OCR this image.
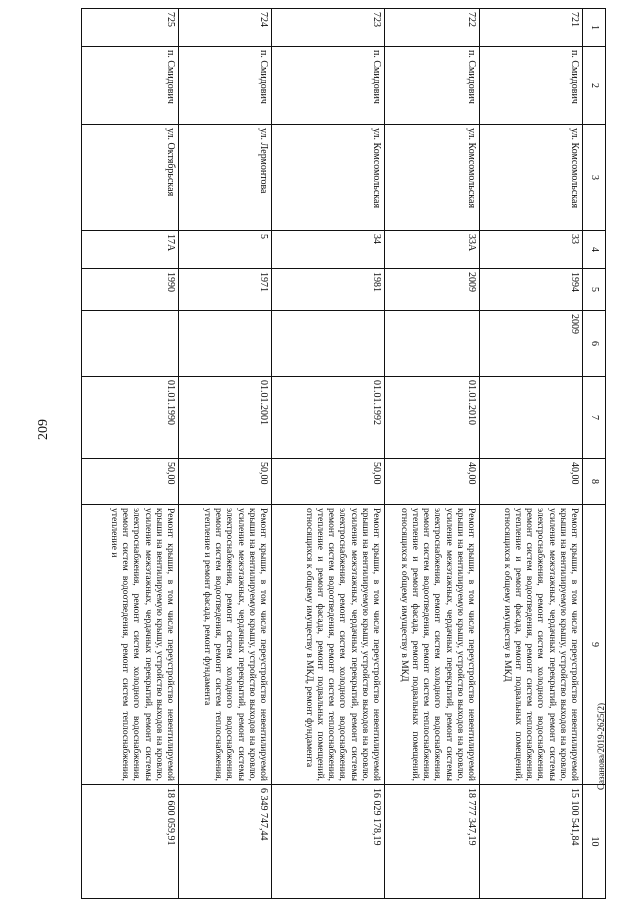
209
1	2	3	4	5	6	7	8	9	10
721	п. Смидович	ул. Комсомольская	33	1994	2009		40,00	Ремонт крыши, в том числе переустройство невентилируемой крыши на вентилируемую крышу, устройство выходов на кровлю, усиление межэтажных, чердачных перекрытий, ремонт системы электроснабжения, ремонт систем холодного водоснабжения, ремонт систем водоотведения, ремонт систем теплоснабжения, утепление и ремонт фасада, ремонт подвальных помещений, относящихся к общему имуществу в МКД	15 100 541,84
722	п. Смидович	ул. Комсомольская	33А	2009		01.01.2010	40,00	Ремонт крыши, в том числе переустройство невентилируемой крыши на вентилируемую крышу, устройство выходов на кровлю, усиление межэтажных, чердачных перекрытий, ремонт системы электроснабжения, ремонт систем холодного водоснабжения, ремонт систем водоотведения, ремонт систем теплоснабжения, утепление и ремонт фасада, ремонт подвальных помещений, относящихся к общему имуществу в МКД	18 777 347,19
723	п. Смидович	ул. Комсомольская	34	1981		01.01.1992	50,00	Ремонт крыши, в том числе переустройство невентилируемой крыши на вентилируемую крышу, устройство выходов на кровлю, усиление межэтажных, чердачных перекрытий, ремонт системы электроснабжения, ремонт систем холодного водоснабжения, ремонт систем водоотведения, ремонт систем теплоснабжения, утепление и ремонт фасада, ремонт подвальных помещений, относящихся к общему имуществу в МКД, ремонт фундамента	16 029 178,19
724	п. Смидович	ул. Лермонтова	5	1971		01.01.2001	50,00	Ремонт крыши, в том числе переустройство невентилируемой крыши на вентилируемую крышу, устройство выходов на кровлю, усиление межэтажных, чердачных перекрытий, ремонт системы электроснабжения, ремонт систем холодного водоснабжения, ремонт систем водоотведения, ремонт систем теплоснабжения, утепление и ремонт фасада, ремонт фундамента	6 349 747,44
725	п. Смидович	ул. Октябрьская	17А	1990		01.01.1990	50,00	Ремонт крыши, в том числе переустройство невентилируемой крыши на вентилируемую крышу, устройство выходов на кровлю, усиление межэтажных, чердачных перекрытий, ремонт системы электроснабжения, ремонт систем холодного водоснабжения, ремонт систем водоотведения, ремонт систем теплоснабжения, утепление и	18 600 059,91
Сазанова/2019-2625(2)
